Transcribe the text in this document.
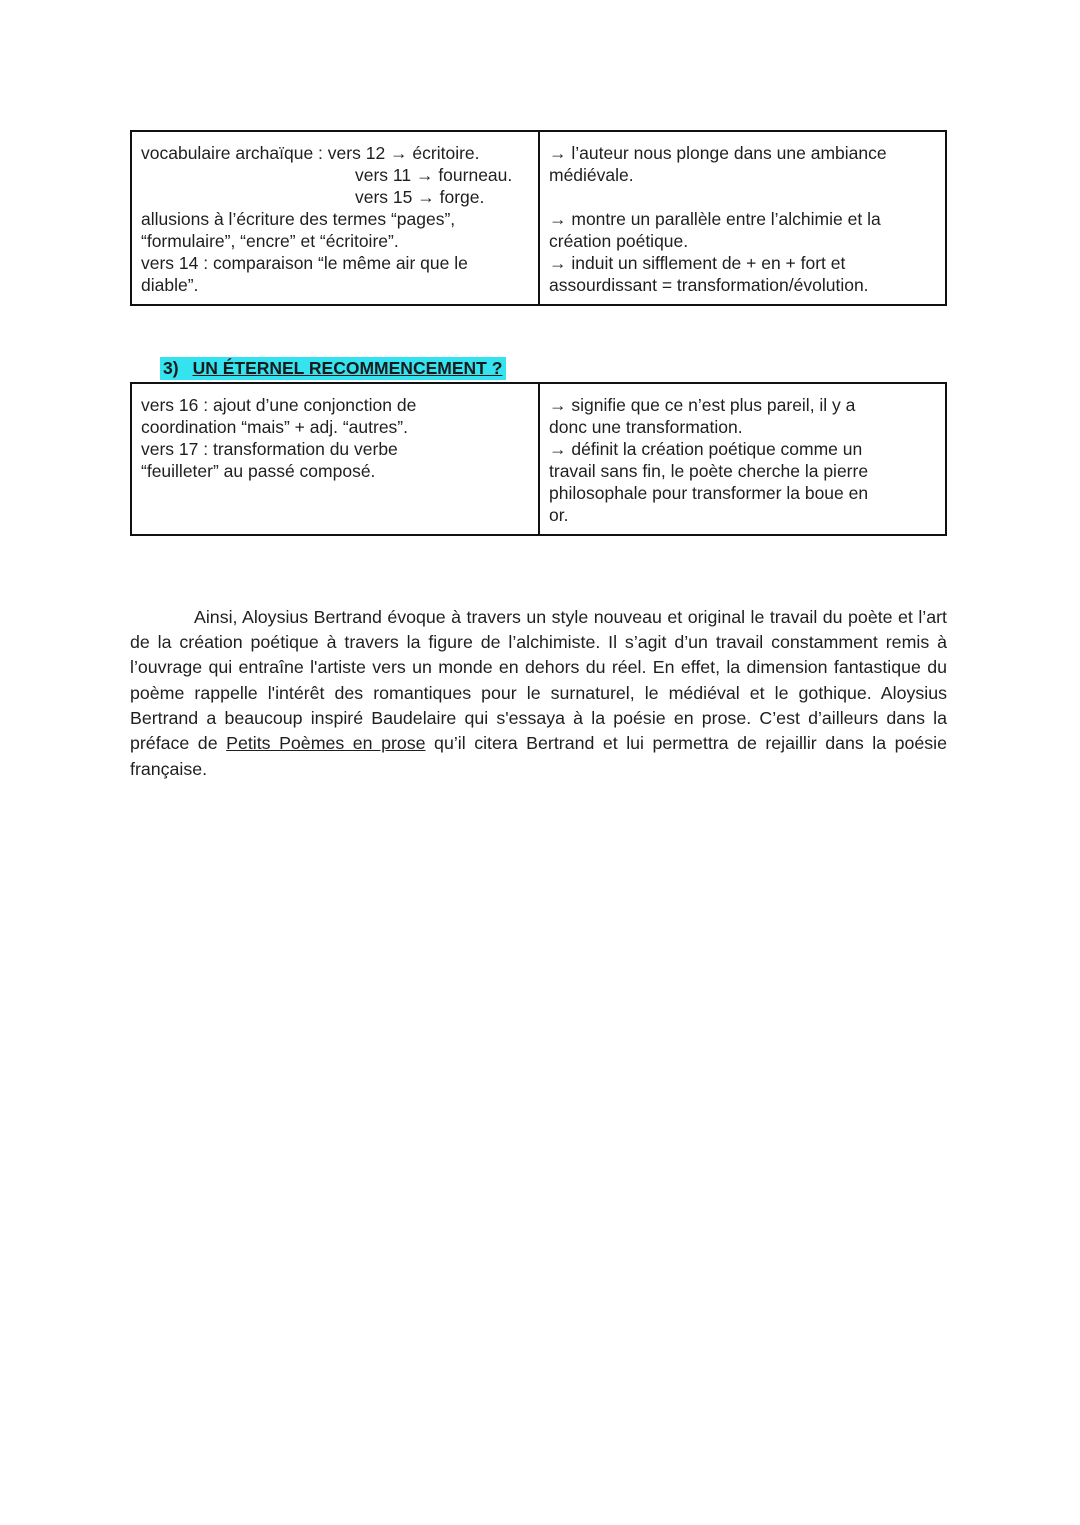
vocabulaire archaïque : vers 12 → écritoire.
vers 11 → fourneau.
vers 15 → forge.
allusions à l’écriture des termes “pages”,
“formulaire”, “encre” et “écritoire”.
vers 14 : comparaison “le même air que le
diable”.
→ l’auteur nous plonge dans une ambiance
médiévale.
→ montre un parallèle entre l’alchimie et la
création poétique.
→ induit un sifflement de + en + fort et
assourdissant = transformation/évolution.
3) UN ÉTERNEL RECOMMENCEMENT ?
vers 16 : ajout d’une conjonction de
coordination “mais” + adj. “autres”.
vers 17 : transformation du verbe
“feuilleter” au passé composé.
→ signifie que ce n’est plus pareil, il y a
donc une transformation.
→ définit la création poétique comme un
travail sans fin, le poète cherche la pierre
philosophale pour transformer la boue en
or.

Ainsi, Aloysius Bertrand évoque à travers un style nouveau et original le travail du poète et l’art de la création poétique à travers la figure de l’alchimiste. Il s’agit d’un travail constamment remis à l’ouvrage qui entraîne l'artiste vers un monde en dehors du réel. En effet, la dimension fantastique du poème rappelle l'intérêt des romantiques pour le surnaturel, le médiéval et le gothique. Aloysius Bertrand a beaucoup inspiré Baudelaire qui s'essaya à la poésie en prose. C’est d’ailleurs dans la préface de Petits Poèmes en prose qu’il citera Bertrand et lui permettra de rejaillir dans la poésie française.
